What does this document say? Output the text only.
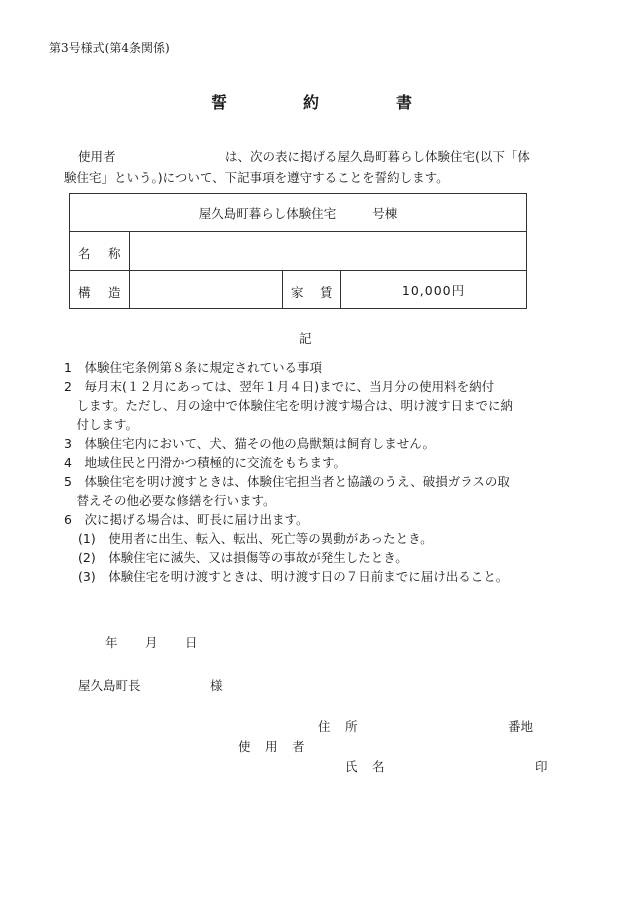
第3号様式(第4条関係)
誓	約	書
使用者	は、次の表に掲げる屋久島町暮らし体験住宅(以下「体
験住宅」という。)について、下記事項を遵守することを誓約します。
屋久島町暮らし体験住宅 号棟			

名 称			

構 造		家 賃	10,000円
記
1　体験住宅条例第８条に規定されている事項
2　毎月末(１２月にあっては、翌年１月４日)までに、当月分の使用料を納付
　します。ただし、月の途中で体験住宅を明け渡す場合は、明け渡す日までに納
　付します。
3　体験住宅内において、犬、猫その他の鳥獣類は飼育しません。
4　地域住民と円滑かつ積極的に交流をもちます。
5　体験住宅を明け渡すときは、体験住宅担当者と協議のうえ、破損ガラスの取
　替えその他必要な修繕を行います。
6　次に掲げる場合は、町長に届け出ます。
(1)　使用者に出生、転入、転出、死亡等の異動があったとき。
(2)　体験住宅に滅失、又は損傷等の事故が発生したとき。
(3)　体験住宅を明け渡すときは、明け渡す日の７日前までに届け出ること。
年 月 日
屋久島町長	様
住 所	番地
使 用 者
氏 名	印
